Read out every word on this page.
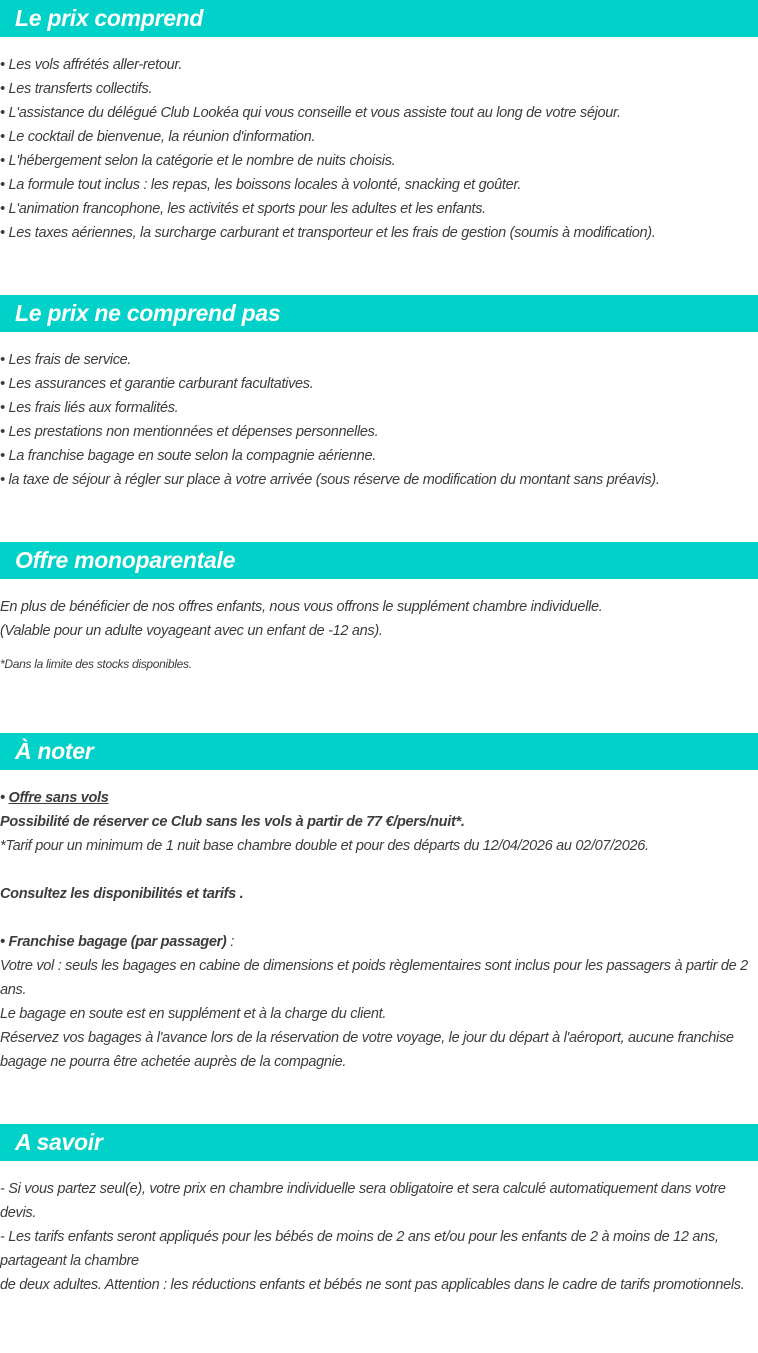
Le prix comprend
• Les vols affrétés aller-retour.
• Les transferts collectifs.
• L'assistance du délégué Club Lookéa qui vous conseille et vous assiste tout au long de votre séjour.
• Le cocktail de bienvenue, la réunion d'information.
• L'hébergement selon la catégorie et le nombre de nuits choisis.
• La formule tout inclus : les repas, les boissons locales à volonté, snacking et goûter.
• L'animation francophone, les activités et sports pour les adultes et les enfants.
• Les taxes aériennes, la surcharge carburant et transporteur et les frais de gestion (soumis à modification).
Le prix ne comprend pas
• Les frais de service.
• Les assurances et garantie carburant facultatives.
• Les frais liés aux formalités.
• Les prestations non mentionnées et dépenses personnelles.
• La franchise bagage en soute selon la compagnie aérienne.
• la taxe de séjour à régler sur place à votre arrivée (sous réserve de modification du montant sans préavis).
Offre monoparentale
En plus de bénéficier de nos offres enfants, nous vous offrons le supplément chambre individuelle.
(Valable pour un adulte voyageant avec un enfant de -12 ans).
*Dans la limite des stocks disponibles.
À noter
• Offre sans vols
Possibilité de réserver ce Club sans les vols à partir de 77 €/pers/nuit*.
*Tarif pour un minimum de 1 nuit base chambre double et pour des départs du 12/04/2026 au 02/07/2026.
Consultez les disponibilités et tarifs .
• Franchise bagage (par passager) :
Votre vol : seuls les bagages en cabine de dimensions et poids règlementaires sont inclus pour les passagers à partir de 2 ans.
Le bagage en soute est en supplément et à la charge du client.
Réservez vos bagages à l'avance lors de la réservation de votre voyage, le jour du départ à l'aéroport, aucune franchise bagage ne pourra être achetée auprès de la compagnie.
A savoir
- Si vous partez seul(e), votre prix en chambre individuelle sera obligatoire et sera calculé automatiquement dans votre devis.
- Les tarifs enfants seront appliqués pour les bébés de moins de 2 ans et/ou pour les enfants de 2 à moins de 12 ans, partageant la chambre
de deux adultes. Attention : les réductions enfants et bébés ne sont pas applicables dans le cadre de tarifs promotionnels.
